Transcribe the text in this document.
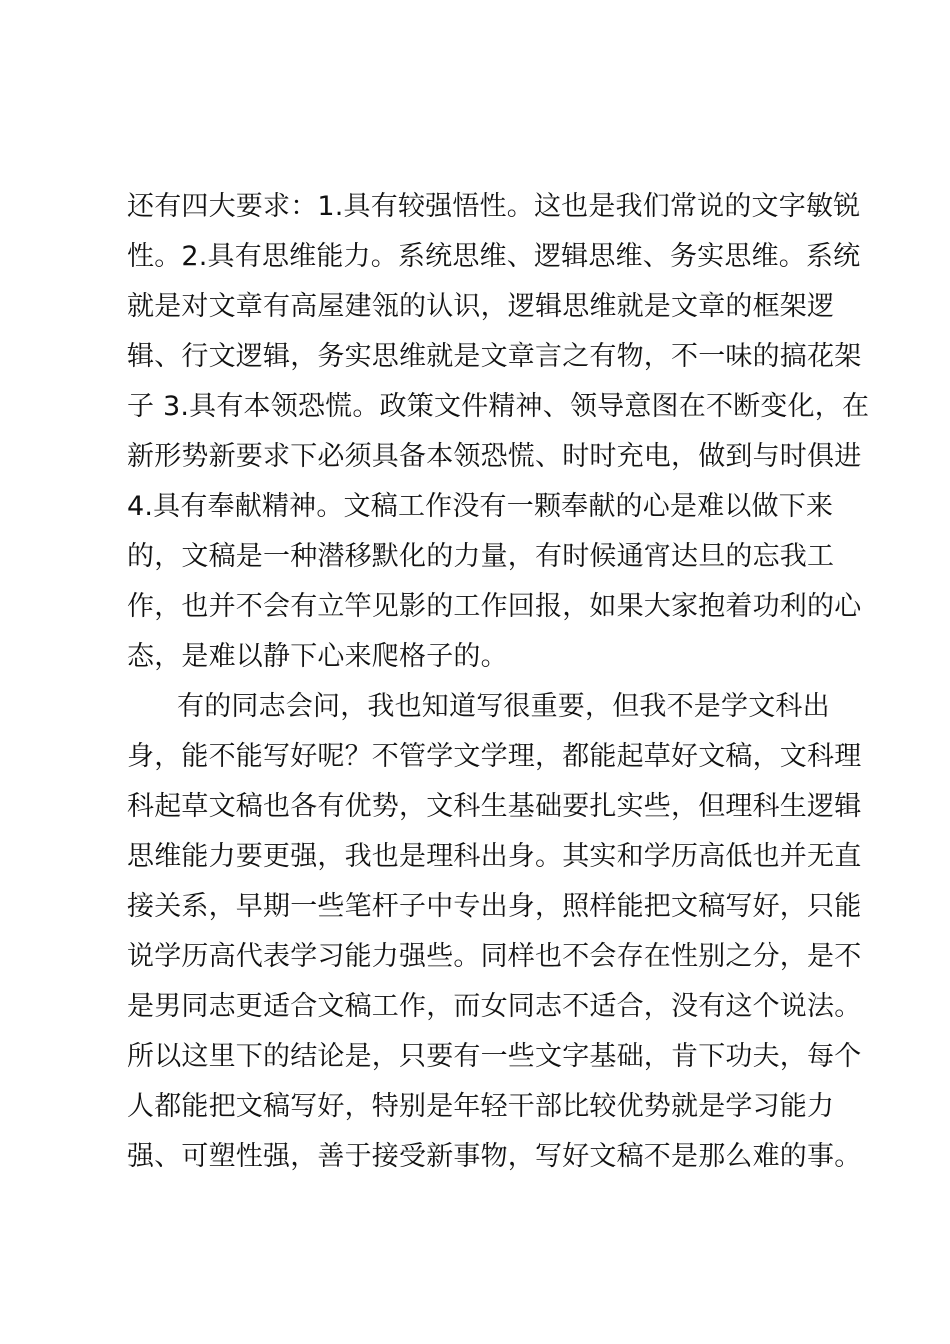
还有四大要求：1.具有较强悟性。这也是我们常说的文字敏锐
性。2.具有思维能力。系统思维、逻辑思维、务实思维。系统
就是对文章有高屋建瓴的认识，逻辑思维就是文章的框架逻
辑、行文逻辑，务实思维就是文章言之有物，不一味的搞花架
子 3.具有本领恐慌。政策文件精神、领导意图在不断变化，在
新形势新要求下必须具备本领恐慌、时时充电，做到与时俱进
4.具有奉献精神。文稿工作没有一颗奉献的心是难以做下来
的，文稿是一种潜移默化的力量，有时候通宵达旦的忘我工
作，也并不会有立竿见影的工作回报，如果大家抱着功利的心
态，是难以静下心来爬格子的。
有的同志会问，我也知道写很重要，但我不是学文科出
身，能不能写好呢？不管学文学理，都能起草好文稿，文科理
科起草文稿也各有优势，文科生基础要扎实些，但理科生逻辑
思维能力要更强，我也是理科出身。其实和学历高低也并无直
接关系，早期一些笔杆子中专出身，照样能把文稿写好，只能
说学历高代表学习能力强些。同样也不会存在性别之分，是不
是男同志更适合文稿工作，而女同志不适合，没有这个说法。
所以这里下的结论是，只要有一些文字基础，肯下功夫，每个
人都能把文稿写好，特别是年轻干部比较优势就是学习能力
强、可塑性强，善于接受新事物，写好文稿不是那么难的事。
